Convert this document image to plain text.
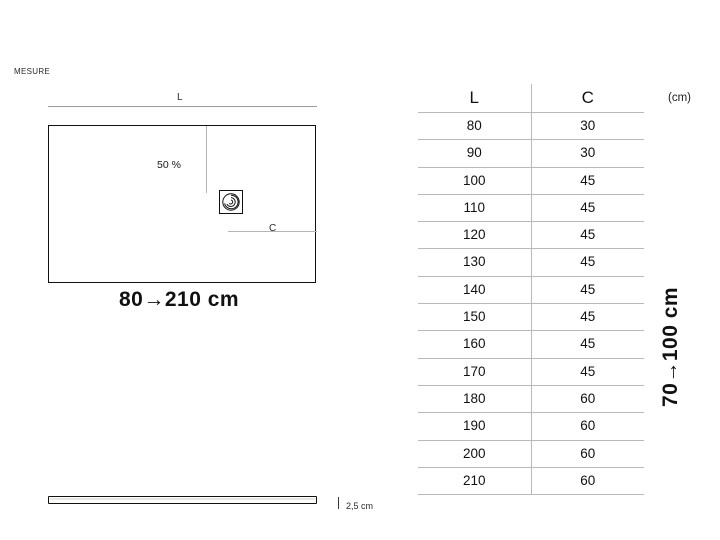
MESURE
L
50 %
C
80→210 cm	70→100 cm
2,5 cm
(cm)
L	C
80	30
90	30
100	45
110	45
120	45
130	45
140	45
150	45
160	45
170	45
180	60
190	60
200	60
210	60
